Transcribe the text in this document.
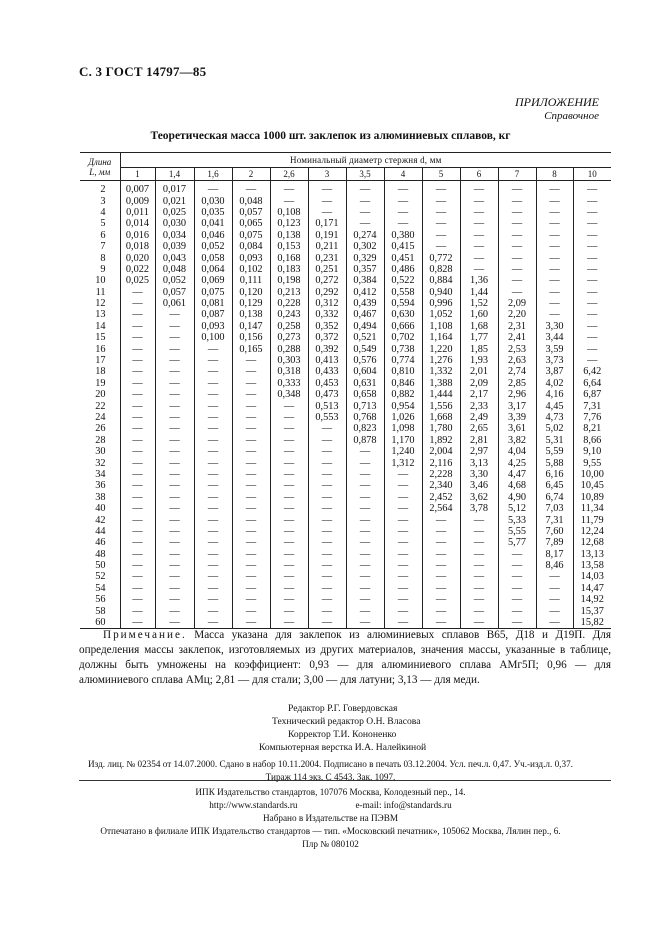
С. 3 ГОСТ 14797—85
ПРИЛОЖЕНИЕ
Справочное
Теоретическая масса 1000 шт. заклепок из алюминиевых сплавов, кг
Длина
L, мм	Номинальный диаметр стержня d, мм												
	1	1,4	1,6	2	2,6	3	3,5	4	5	6	7	8	10
2	0,007	0,017	—	—	—	—	—	—	—	—	—	—	—
3	0,009	0,021	0,030	0,048	—	—	—	—	—	—	—	—	—
4	0,011	0,025	0,035	0,057	0,108	—	—	—	—	—	—	—	—
5	0,014	0,030	0,041	0,065	0,123	0,171	—	—	—	—	—	—	—
6	0,016	0,034	0,046	0,075	0,138	0,191	0,274	0,380	—	—	—	—	—
7	0,018	0,039	0,052	0,084	0,153	0,211	0,302	0,415	—	—	—	—	—
8	0,020	0,043	0,058	0,093	0,168	0,231	0,329	0,451	0,772	—	—	—	—
9	0,022	0,048	0,064	0,102	0,183	0,251	0,357	0,486	0,828	—	—	—	—
10	0,025	0,052	0,069	0,111	0,198	0,272	0,384	0,522	0,884	1,36	—	—	—
11	—	0,057	0,075	0,120	0,213	0,292	0,412	0,558	0,940	1,44	—	—	—
12	—	0,061	0,081	0,129	0,228	0,312	0,439	0,594	0,996	1,52	2,09	—	—
13	—	—	0,087	0,138	0,243	0,332	0,467	0,630	1,052	1,60	2,20	—	—
14	—	—	0,093	0,147	0,258	0,352	0,494	0,666	1,108	1,68	2,31	3,30	—
15	—	—	0,100	0,156	0,273	0,372	0,521	0,702	1,164	1,77	2,41	3,44	—
16	—	—	—	0,165	0,288	0,392	0,549	0,738	1,220	1,85	2,53	3,59	—
17	—	—	—	—	0,303	0,413	0,576	0,774	1,276	1,93	2,63	3,73	—
18	—	—	—	—	0,318	0,433	0,604	0,810	1,332	2,01	2,74	3,87	6,42
19	—	—	—	—	0,333	0,453	0,631	0,846	1,388	2,09	2,85	4,02	6,64
20	—	—	—	—	0,348	0,473	0,658	0,882	1,444	2,17	2,96	4,16	6,87
22	—	—	—	—	—	0,513	0,713	0,954	1,556	2,33	3,17	4,45	7,31
24	—	—	—	—	—	0,553	0,768	1,026	1,668	2,49	3,39	4,73	7,76
26	—	—	—	—	—	—	0,823	1,098	1,780	2,65	3,61	5,02	8,21
28	—	—	—	—	—	—	0,878	1,170	1,892	2,81	3,82	5,31	8,66
30	—	—	—	—	—	—	—	1,240	2,004	2,97	4,04	5,59	9,10
32	—	—	—	—	—	—	—	1,312	2,116	3,13	4,25	5,88	9,55
34	—	—	—	—	—	—	—	—	2,228	3,30	4,47	6,16	10,00
36	—	—	—	—	—	—	—	—	2,340	3,46	4,68	6,45	10,45
38	—	—	—	—	—	—	—	—	2,452	3,62	4,90	6,74	10,89
40	—	—	—	—	—	—	—	—	2,564	3,78	5,12	7,03	11,34
42	—	—	—	—	—	—	—	—	—	—	5,33	7,31	11,79
44	—	—	—	—	—	—	—	—	—	—	5,55	7,60	12,24
46	—	—	—	—	—	—	—	—	—	—	5,77	7,89	12,68
48	—	—	—	—	—	—	—	—	—	—	—	8,17	13,13
50	—	—	—	—	—	—	—	—	—	—	—	8,46	13,58
52	—	—	—	—	—	—	—	—	—	—	—	—	14,03
54	—	—	—	—	—	—	—	—	—	—	—	—	14,47
56	—	—	—	—	—	—	—	—	—	—	—	—	14,92
58	—	—	—	—	—	—	—	—	—	—	—	—	15,37
60	—	—	—	—	—	—	—	—	—	—	—	—	15,82
Примечание. Масса указана для заклепок из алюминиевых сплавов В65, Д18 и Д19П. Для определения массы заклепок, изготовляемых из других материалов, значения массы, указанные в таблице, должны быть умножены на коэффициент: 0,93 — для алюминиевого сплава АМг5П; 0,96 — для алюминиевого сплава АМц; 2,81 — для стали; 3,00 — для латуни; 3,13 — для меди.
Редактор Р.Г. Говердовская
Технический редактор О.Н. Власова
Корректор Т.И. Кононенко
Компьютерная верстка И.А. Налейкиной
Изд. лиц. № 02354 от 14.07.2000. Сдано в набор 10.11.2004. Подписано в печать 03.12.2004. Усл. печ.л. 0,47. Уч.-изд.л. 0,37.
Тираж 114 экз. С 4543. Зак. 1097.
ИПК Издательство стандартов, 107076 Москва, Колодезный пер., 14.
http://www.standards.ru	e-mail: info@standards.ru
Набрано в Издательстве на ПЭВМ
Отпечатано в филиале ИПК Издательство стандартов — тип. «Московский печатник», 105062 Москва, Лялин пер., 6.
Плр № 080102
